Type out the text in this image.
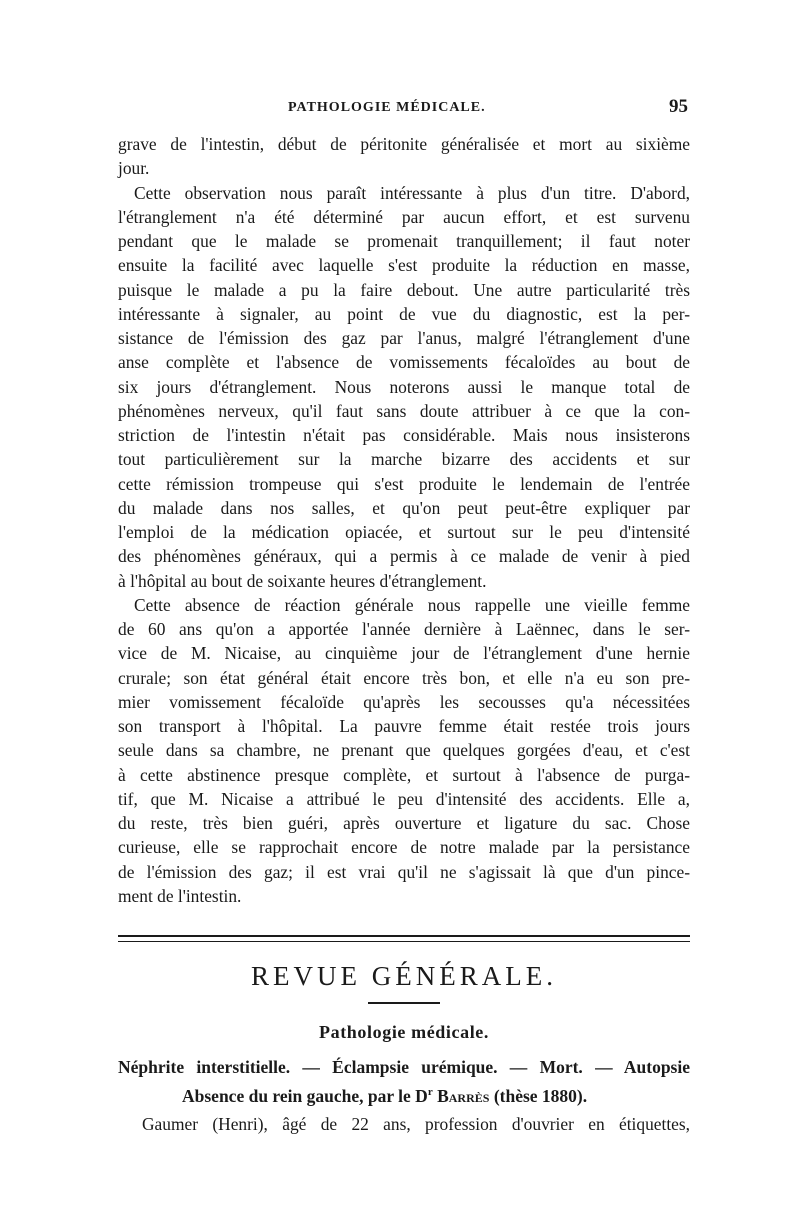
PATHOLOGIE MÉDICALE.	95
grave de l'intestin, début de péritonite généralisée et mort au sixième
jour.
Cette observation nous paraît intéressante à plus d'un titre. D'abord,
l'étranglement n'a été déterminé par aucun effort, et est survenu
pendant que le malade se promenait tranquillement; il faut noter
ensuite la facilité avec laquelle s'est produite la réduction en masse,
puisque le malade a pu la faire debout. Une autre particularité très
intéressante à signaler, au point de vue du diagnostic, est la per-
sistance de l'émission des gaz par l'anus, malgré l'étranglement d'une
anse complète et l'absence de vomissements fécaloïdes au bout de
six jours d'étranglement. Nous noterons aussi le manque total de
phénomènes nerveux, qu'il faut sans doute attribuer à ce que la con-
striction de l'intestin n'était pas considérable. Mais nous insisterons
tout particulièrement sur la marche bizarre des accidents et sur
cette rémission trompeuse qui s'est produite le lendemain de l'entrée
du malade dans nos salles, et qu'on peut peut-être expliquer par
l'emploi de la médication opiacée, et surtout sur le peu d'intensité
des phénomènes généraux, qui a permis à ce malade de venir à pied
à l'hôpital au bout de soixante heures d'étranglement.
Cette absence de réaction générale nous rappelle une vieille femme
de 60 ans qu'on a apportée l'année dernière à Laënnec, dans le ser-
vice de M. Nicaise, au cinquième jour de l'étranglement d'une hernie
crurale; son état général était encore très bon, et elle n'a eu son pre-
mier vomissement fécaloïde qu'après les secousses qu'a nécessitées
son transport à l'hôpital. La pauvre femme était restée trois jours
seule dans sa chambre, ne prenant que quelques gorgées d'eau, et c'est
à cette abstinence presque complète, et surtout à l'absence de purga-
tif, que M. Nicaise a attribué le peu d'intensité des accidents. Elle a,
du reste, très bien guéri, après ouverture et ligature du sac. Chose
curieuse, elle se rapprochait encore de notre malade par la persistance
de l'émission des gaz; il est vrai qu'il ne s'agissait là que d'un pince-
ment de l'intestin.
REVUE GÉNÉRALE.
Pathologie médicale.
Néphrite interstitielle. — Éclampsie urémique. — Mort. — Autopsie
Absence du rein gauche, par le $D^r$ Barrès (thèse 1880).
Gaumer (Henri), âgé de 22 ans, profession d'ouvrier en étiquettes,
